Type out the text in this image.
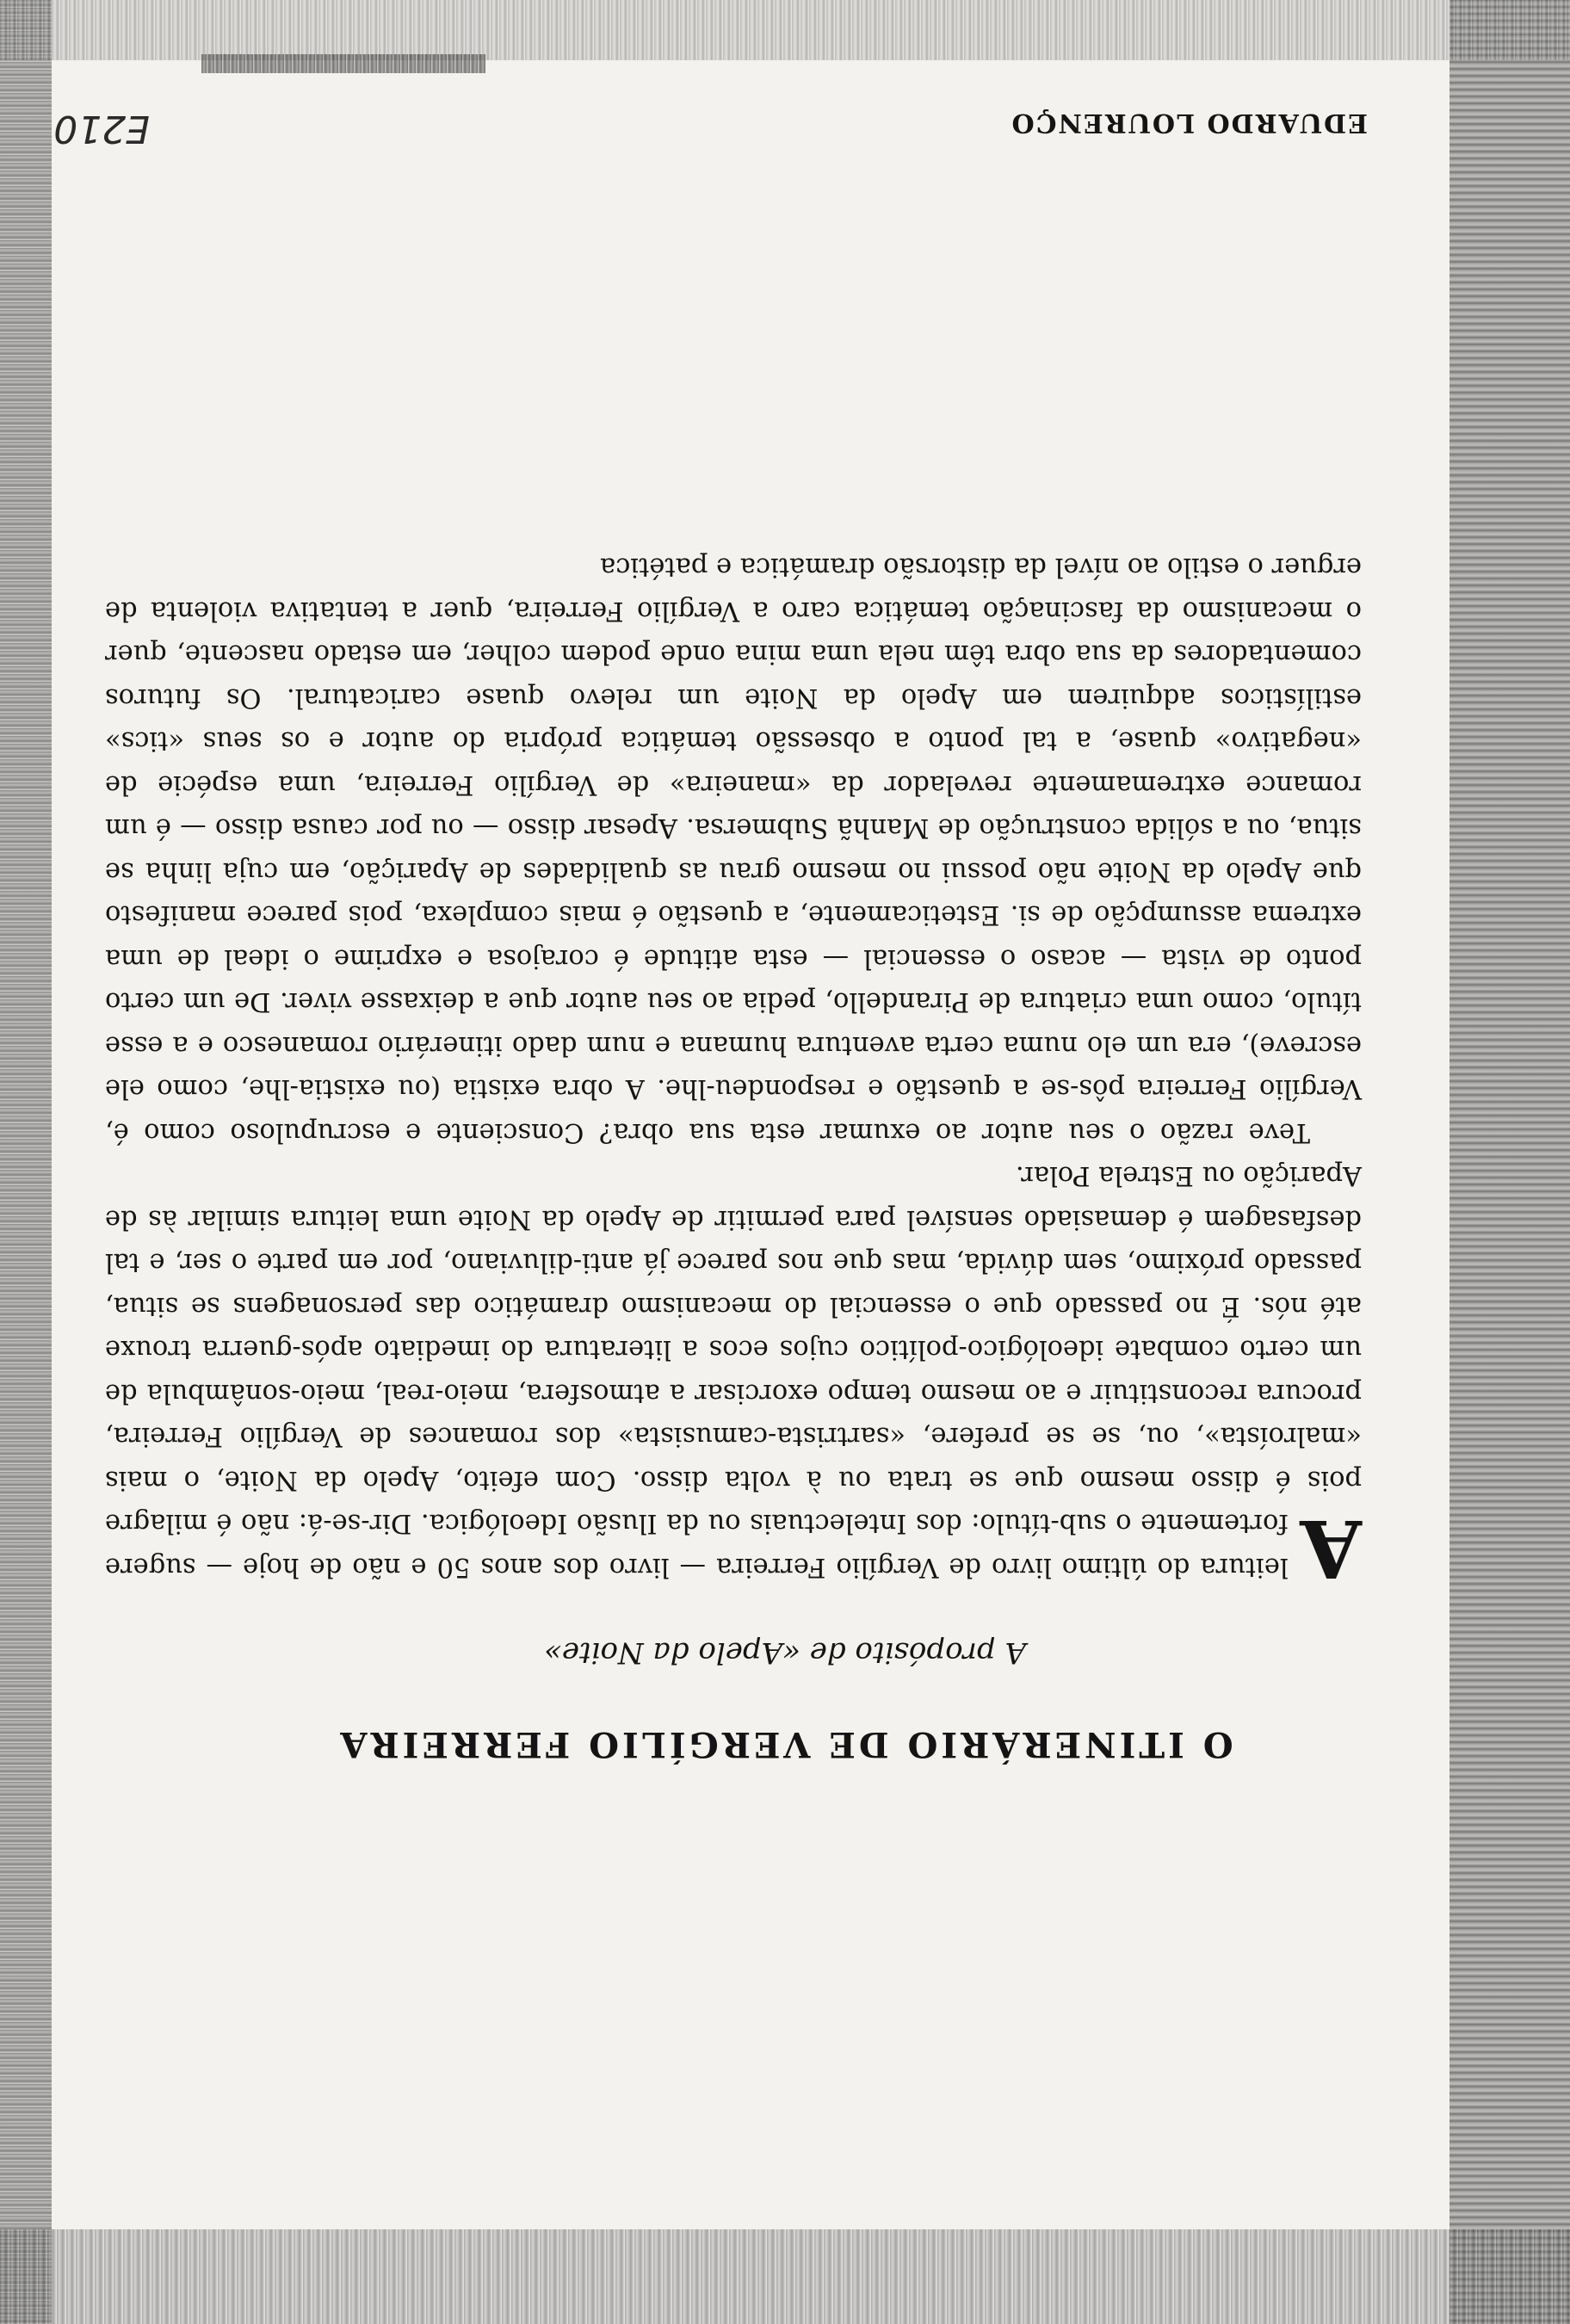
O ITINERÁRIO DE VERGÍLIO FERREIRA
A propósito de «Apelo da Noite»

A
leitura do último livro de Vergílio Ferreira — livro dos anos 50 e não de hoje — sugere fortemente o sub-título: dos Intelectuais ou da Ilusão Ideológica. Dir-se-á: não é milagre pois é disso mesmo que se trata ou à volta disso. Com efeito, Apelo da Noite, o mais «malroísta», ou, se se prefere, «sartrista-camusista» dos romances de Vergílio Ferreira, procura reconstituir e ao mesmo tempo exorcisar a atmosfera, meio-real, meio-sonâmbula de um certo combate ideológico-político cujos ecos a literatura do imediato após-guerra trouxe até nós. É no passado que o essencial do mecanismo dramático das personagens se situa, passado próximo, sem dúvida, mas que nos parece já anti-diluviano, por em parte o ser, e tal desfasagem é demasiado sensível para permitir de Apelo da Noite uma leitura similar às de Aparição ou Estrela Polar.

Teve razão o seu autor ao exumar esta sua obra? Consciente e escrupuloso como é, Vergílio Ferreira pôs-se a questão e respondeu-lhe. A obra existia (ou existia-lhe, como ele escreve), era um elo numa certa aventura humana e num dado itinerário romanesco e a esse título, como uma criatura de Pirandello, pedia ao seu autor que a deixasse viver. De um certo ponto de vista — acaso o essencial — esta atitude é corajosa e exprime o ideal de uma extrema assumpção de si. Esteticamente, a questão é mais complexa, pois parece manifesto que Apelo da Noite não possui no mesmo grau as qualidades de Aparição, em cuja linha se situa, ou a sólida construção de Manhã Submersa. Apesar disso — ou por causa disso — é um romance extremamente revelador da «maneira» de Vergílio Ferreira, uma espécie de «negativo» quase, a tal ponto a obsessão temática própria do autor e os seus «tics» estilísticos adquirem em Apelo da Noite um relevo quase caricatural. Os futuros comentadores da sua obra têm nela uma mina onde podem colher, em estado nascente, quer o mecanismo da fascinação temática caro a Vergílio Ferreira, quer a tentativa violenta de erguer o estilo ao nível da distorsão dramática e patética

EDUARDO LOURENÇO
E210
